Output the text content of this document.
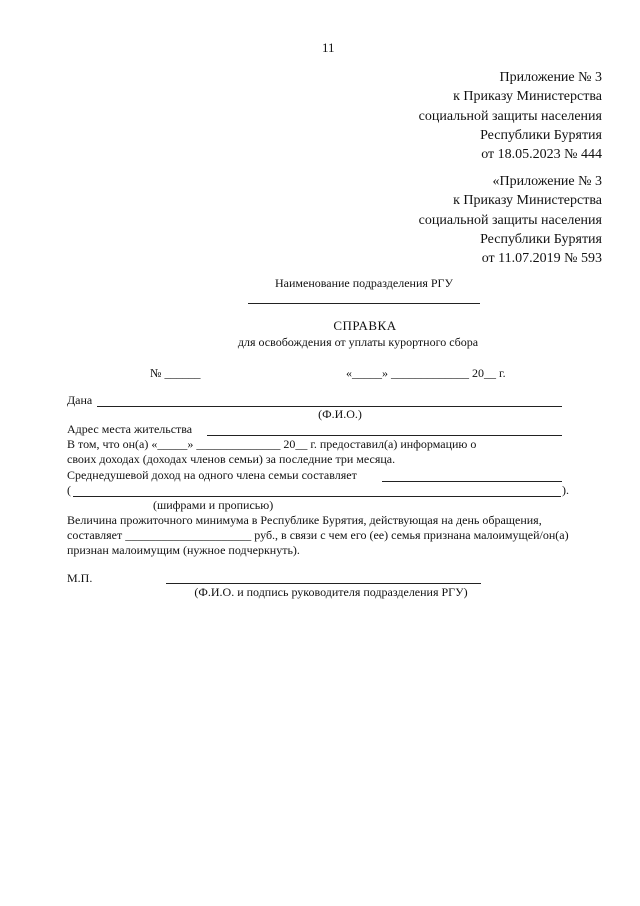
11
Приложение № 3
к Приказу Министерства
социальной защиты населения
Республики Бурятия
от 18.05.2023 № 444
«Приложение № 3
к Приказу Министерства
социальной защиты населения
Республики Бурятия
от 11.07.2019 № 593
Наименование подразделения РГУ
СПРАВКА
для освобождения от уплаты курортного сбора
№ ______	«_____» _____________ 20__ г.
Дана
(Ф.И.О.)
Адрес места жительства
В том, что он(а) «_____» ______________ 20__ г. предоставил(а) информацию о
своих доходах (доходах членов семьи) за последние три месяца.
Среднедушевой доход на одного члена семьи составляет
(	).
(шифрами и прописью)
Величина прожиточного минимума в Республике Бурятия, действующая на день обращения,
составляет _____________________ руб., в связи с чем его (ее) семья признана малоимущей/он(а)
признан малоимущим (нужное подчеркнуть).
М.П.
(Ф.И.О. и подпись руководителя подразделения РГУ)
